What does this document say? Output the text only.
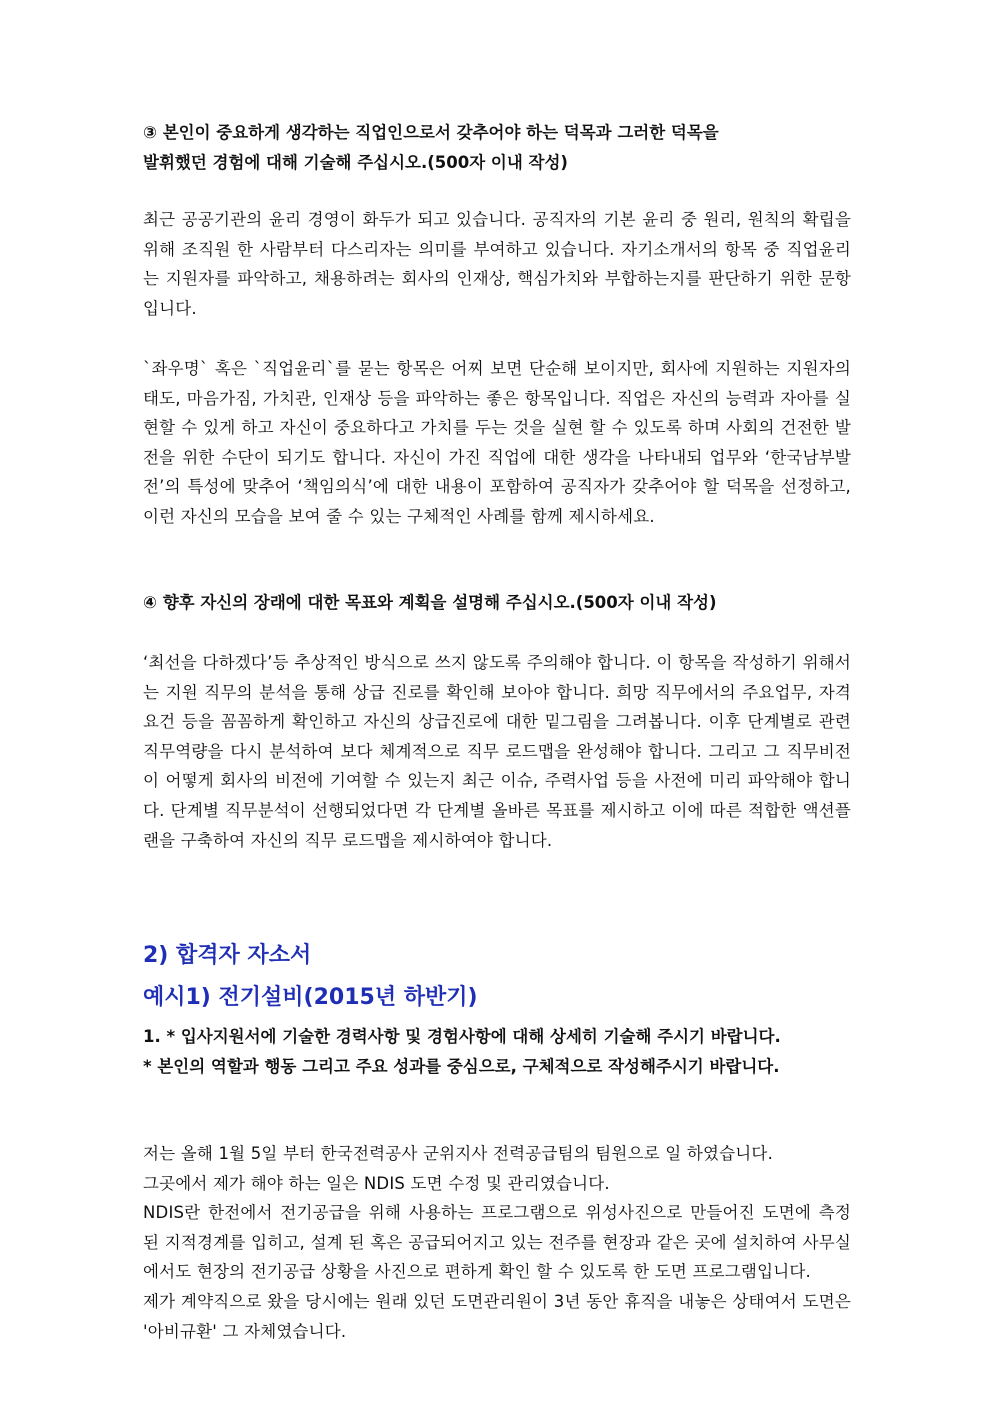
③ 본인이 중요하게 생각하는 직업인으로서 갖추어야 하는 덕목과 그러한 덕목을
발휘했던 경험에 대해 기술해 주십시오.(500자 이내 작성)

최근 공공기관의 윤리 경영이 화두가 되고 있습니다. 공직자의 기본 윤리 중 원리, 원칙의 확립을 위해 조직원 한 사람부터 다스리자는 의미를 부여하고 있습니다. 자기소개서의 항목 중 직업윤리는 지원자를 파악하고, 채용하려는 회사의 인재상, 핵심가치와 부합하는지를 판단하기 위한 문항입니다.

`좌우명` 혹은 `직업윤리`를 묻는 항목은 어찌 보면 단순해 보이지만, 회사에 지원하는 지원자의 태도, 마음가짐, 가치관, 인재상 등을 파악하는 좋은 항목입니다. 직업은 자신의 능력과 자아를 실현할 수 있게 하고 자신이 중요하다고 가치를 두는 것을 실현 할 수 있도록 하며 사회의 건전한 발전을 위한 수단이 되기도 합니다. 자신이 가진 직업에 대한 생각을 나타내되 업무와 ‘한국남부발전’의 특성에 맞추어 ‘책임의식’에 대한 내용이 포함하여 공직자가 갖추어야 할 덕목을 선정하고, 이런 자신의 모습을 보여 줄 수 있는 구체적인 사례를 함께 제시하세요.

④ 향후 자신의 장래에 대한 목표와 계획을 설명해 주십시오.(500자 이내 작성)

‘최선을 다하겠다’등 추상적인 방식으로 쓰지 않도록 주의해야 합니다. 이 항목을 작성하기 위해서는 지원 직무의 분석을 통해 상급 진로를 확인해 보아야 합니다. 희망 직무에서의 주요업무, 자격요건 등을 꼼꼼하게 확인하고 자신의 상급진로에 대한 밑그림을 그려봅니다. 이후 단계별로 관련 직무역량을 다시 분석하여 보다 체계적으로 직무 로드맵을 완성해야 합니다. 그리고 그 직무비전이 어떻게 회사의 비전에 기여할 수 있는지 최근 이슈, 주력사업 등을 사전에 미리 파악해야 합니다. 단계별 직무분석이 선행되었다면 각 단계별 올바른 목표를 제시하고 이에 따른 적합한 액션플랜을 구축하여 자신의 직무 로드맵을 제시하여야 합니다.

2) 합격자 자소서
예시1) 전기설비(2015년 하반기)

1. * 입사지원서에 기술한 경력사항 및 경험사항에 대해 상세히 기술해 주시기 바랍니다.
* 본인의 역할과 행동 그리고 주요 성과를 중심으로, 구체적으로 작성해주시기 바랍니다.

저는 올해 1월 5일 부터 한국전력공사 군위지사 전력공급팀의 팀원으로 일 하였습니다.

그곳에서 제가 해야 하는 일은 NDIS 도면 수정 및 관리였습니다.

NDIS란 한전에서 전기공급을 위해 사용하는 프로그램으로 위성사진으로 만들어진 도면에 측정 된 지적경계를 입히고, 설계 된 혹은 공급되어지고 있는 전주를 현장과 같은 곳에 설치하여 사무실에서도 현장의 전기공급 상황을 사진으로 편하게 확인 할 수 있도록 한 도면 프로그램입니다.

제가 계약직으로 왔을 당시에는 원래 있던 도면관리원이 3년 동안 휴직을 내놓은 상태여서 도면은 '아비규환' 그 자체였습니다.
